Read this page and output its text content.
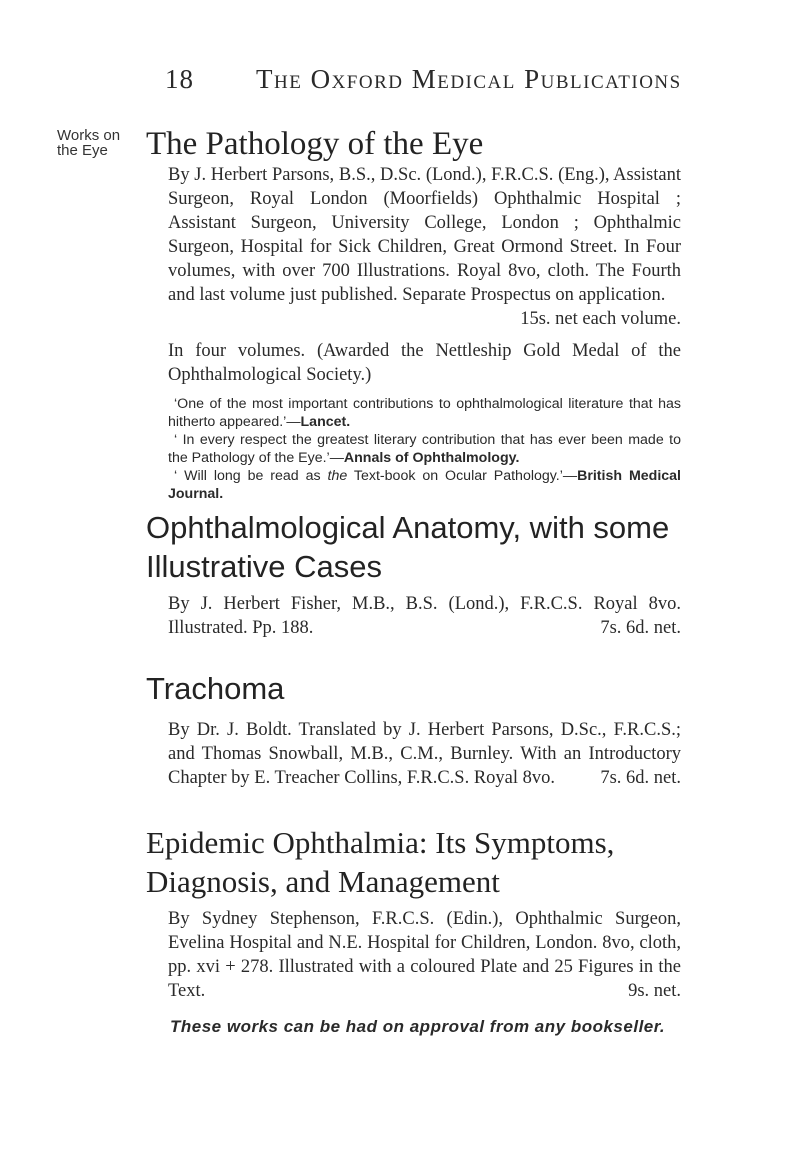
18 The Oxford Medical Publications
Works on the Eye	The Pathology of the Eye
By J. Herbert Parsons, B.S., D.Sc. (Lond.), F.R.C.S. (Eng.), Assistant Surgeon, Royal London (Moorfields) Ophthalmic Hospital ; Assistant Surgeon, University College, London ; Ophthalmic Surgeon, Hospital for Sick Children, Great Ormond Street. In Four volumes, with over 700 Illustrations. Royal 8vo, cloth. The Fourth and last volume just published. Separate Prospectus on application.
15s. net each volume.
In four volumes. (Awarded the Nettleship Gold Medal of the Ophthalmological Society.)

‘One of the most important contributions to ophthalmological literature that has hitherto appeared.’—Lancet.

‘ In every respect the greatest literary contribution that has ever been made to the Pathology of the Eye.’—Annals of Ophthalmology.

‘ Will long be read as the Text-book on Ocular Pathology.’—British Medical Journal.

Ophthalmological Anatomy, with some
Illustrative Cases
By J. Herbert Fisher, M.B., B.S. (Lond.), F.R.C.S. Royal 8vo. Illustrated. Pp. 188.	7s. 6d. net.
Trachoma
By Dr. J. Boldt. Translated by J. Herbert Parsons, D.Sc., F.R.C.S.; and Thomas Snowball, M.B., C.M., Burnley. With an Introductory Chapter by E. Treacher Collins, F.R.C.S. Royal 8vo. 7s. 6d. net.
Epidemic Ophthalmia: Its Symptoms,
Diagnosis, and Management
By Sydney Stephenson, F.R.C.S. (Edin.), Ophthalmic Surgeon, Evelina Hospital and N.E. Hospital for Children, London. 8vo, cloth, pp. xvi + 278. Illustrated with a coloured Plate and 25 Figures in the Text.	9s. net.
These works can be had on approval from any bookseller.
